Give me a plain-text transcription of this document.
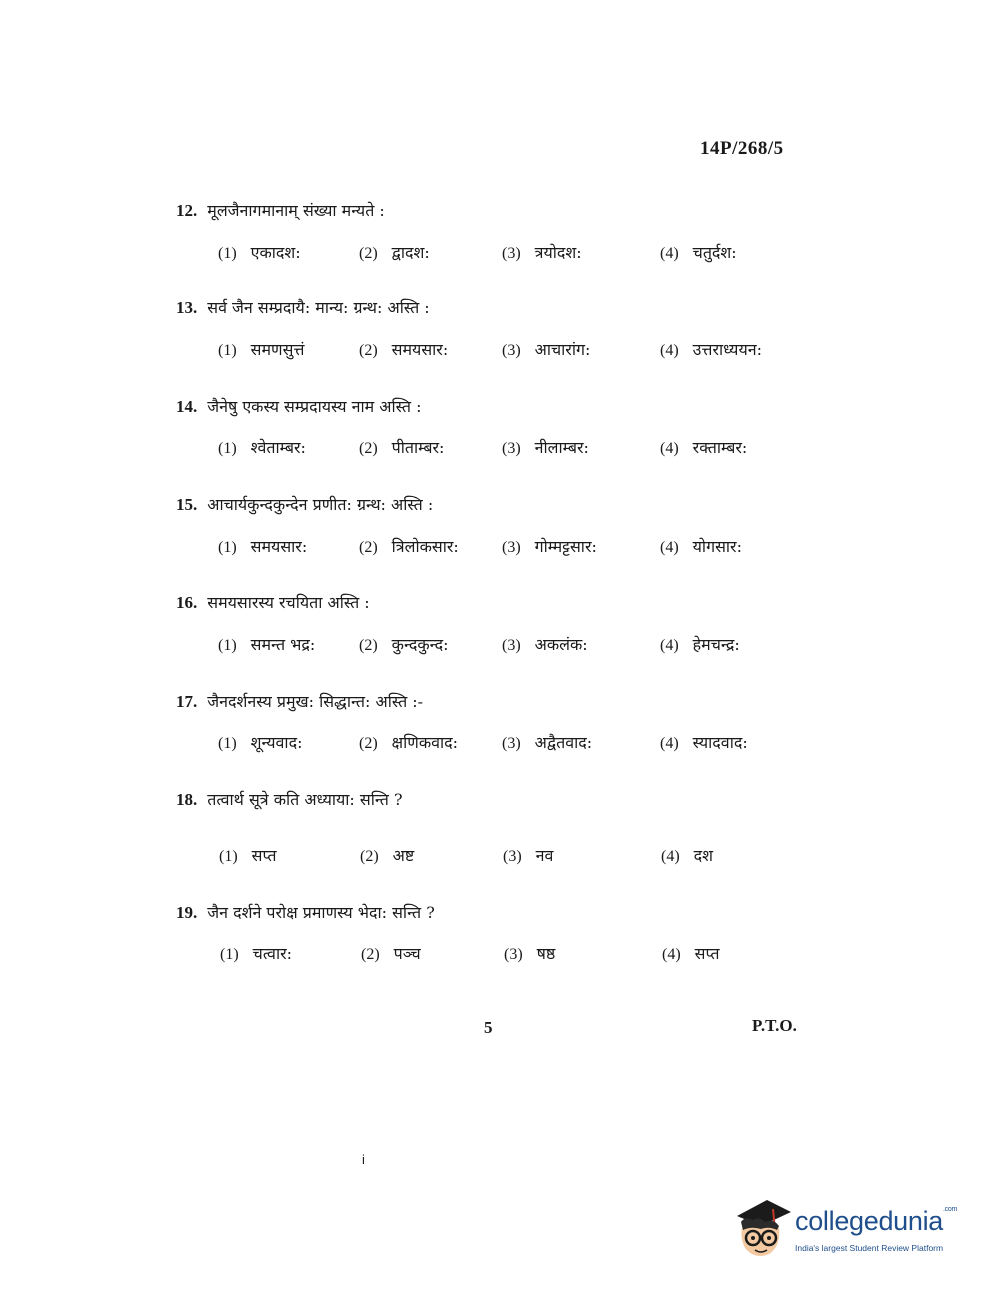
14P/268/5
12. मूलजैनागमानाम् संख्या मन्यते :
(1) एकादश:	(2) द्वादश:	(3) त्रयोदश:	(4) चतुर्दश:
13. सर्व जैन सम्प्रदायै: मान्य: ग्रन्थ: अस्ति :
(1) समणसुत्तं	(2) समयसार:	(3) आचारांग:	(4) उत्तराध्ययन:
14. जैनेषु एकस्य सम्प्रदायस्य नाम अस्ति :
(1) श्वेताम्बर:	(2) पीताम्बर:	(3) नीलाम्बर:	(4) रक्ताम्बर:
15. आचार्यकुन्दकुन्देन प्रणीत: ग्रन्थ: अस्ति :
(1) समयसार:	(2) त्रिलोकसार:	(3) गोम्मट्टसार:	(4) योगसार:
16. समयसारस्य रचयिता अस्ति :
(1) समन्त भद्र:	(2) कुन्दकुन्द:	(3) अकलंक:	(4) हेमचन्द्र:
17. जैनदर्शनस्य प्रमुख: सिद्धान्त: अस्ति :-
(1) शून्यवाद:	(2) क्षणिकवाद:	(3) अद्वैतवाद:	(4) स्यादवाद:
18. तत्वार्थ सूत्रे कति अध्याया: सन्ति ?
(1) सप्त	(2) अष्ट	(3) नव	(4) दश
19. जैन दर्शने परोक्ष प्रमाणस्य भेदा: सन्ति ?
(1) चत्वार:	(2) पञ्च	(3) षष्ठ	(4) सप्त
5	P.T.O.
i
collegedunia$^{.com}$
India's largest Student Review Platform
